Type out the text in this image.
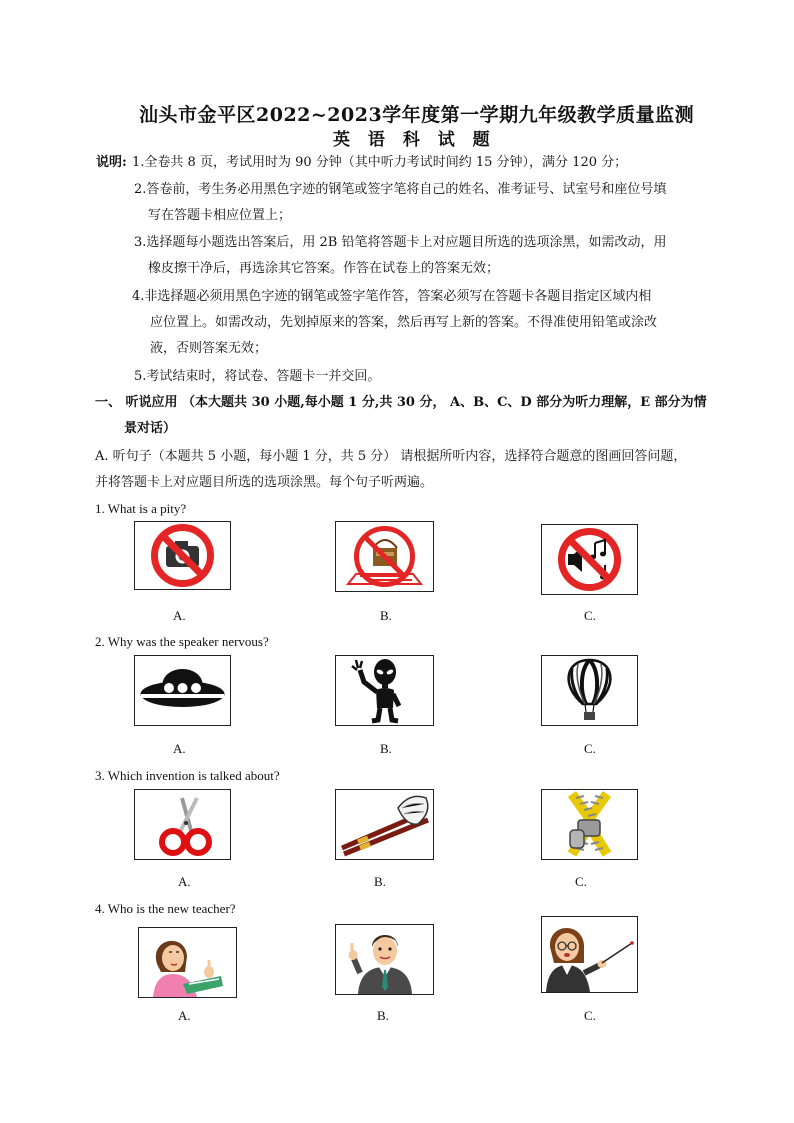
汕头市金平区2022~2023学年度第一学期九年级教学质量监测
英 语 科 试 题
说明: 1.全卷共 8 页，考试用时为 90 分钟（其中听力考试时间约 15 分钟），满分 120 分；
2.答卷前，考生务必用黑色字迹的钢笔或签字笔将自己的姓名、准考证号、试室号和座位号填
写在答题卡相应位置上；
3.选择题每小题选出答案后，用 2B 铅笔将答题卡上对应题目所选的选项涂黑，如需改动，用
橡皮擦干净后，再选涂其它答案。作答在试卷上的答案无效；
4.非选择题必须用黑色字迹的钢笔或签字笔作答，答案必须写在答题卡各题目指定区域内相
应位置上。如需改动，先划掉原来的答案，然后再写上新的答案。不得准使用铅笔或涂改
液，否则答案无效；
5.考试结束时，将试卷、答题卡一并交回。
一、 听说应用 （本大题共 30 小题,每小题 1 分,共 30 分， A、B、C、D 部分为听力理解，E 部分为情
景对话）
A. 听句子（本题共 5 小题，每小题 1 分，共 5 分） 请根据所听内容，选择符合题意的图画回答问题，
并将答题卡上对应题目所选的选项涂黑。每个句子听两遍。
1. What is a pity?
A.	B.	C.
2. Why was the speaker nervous?
A.	B.	C.
3. Which invention is talked about?
A.	B.	C.
4. Who is the new teacher?
A.	B.	C.
